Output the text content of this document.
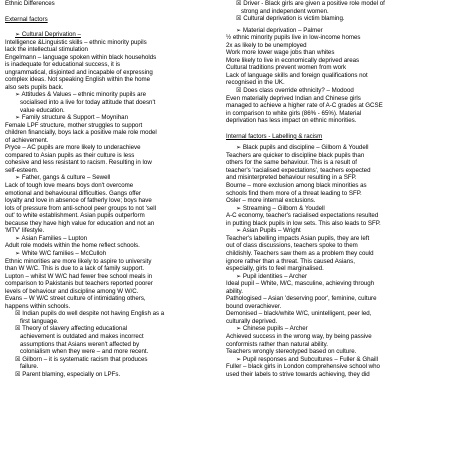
Ethnic Differences
External factors
➢ Cultural Deprivation –
Intelligence &Linguistic skills – ethnic minority pupils
lack the intellectual stimulation
Engelmann – language spoken within black households
is inadequate for educational success, it is
ungrammatical, disjointed and incapable of expressing
complex ideas. Not speaking English within the home
also sets pupils back.
➢ Attitudes & Values – ethnic minority pupils are
socialised into a live for today attitude that doesn't
value education.
➢ Family structure & Support – Moynihan
Female LPF structure, mother struggles to support
children financially, boys lack a positive male role model
of achievement.
Pryce – AC pupils are more likely to underachieve
compared to Asian pupils as their culture is less
cohesive and less resistant to racism. Resulting in low
self-esteem.
➢ Father, gangs & culture – Sewell
Lack of tough love means boys don't overcome
emotional and behavioural difficulties. Gangs offer
loyalty and love in absence of fatherly love; boys have
lots of pressure from anti-school peer groups to not 'sell
out' to white establishment. Asian pupils outperform
because they have high value for education and not an
'MTV' lifestyle.
➢ Asian Families – Lupton
Adult role models within the home reflect schools.
➢ White W/C families – McCulloh
Ethnic minorities are more likely to aspire to university
than W W/C. This is due to a lack of family support.
Lupton – whilst W W/C had fewer free school meals in
comparison to Pakistanis but teachers reported poorer
levels of behaviour and discipline among W W/C.
Evans – W W/C street culture of intimidating others,
happens within schools.
☒ Indian pupils do well despite not having English as a
first language.
☒ Theory of slavery affecting educational
achievement is outdated and makes incorrect
assumptions that Asians weren't affected by
colonialism when they were – and more recent.
☒ Gilborn – it is systematic racism that produces
failure.
☒ Parent blaming, especially on LPFs.
☒ Driver - Black girls are given a positive role model of
strong and independent women.
☒ Cultural deprivation is victim blaming.
➢ Material deprivation – Palmer
½ ethnic minority pupils live in low-income homes
2x as likely to be unemployed
Work more lower wage jobs than whites
More likely to live in economically deprived areas
Cultural traditions prevent women from work
Lack of language skills and foreign qualifications not
recognised in the UK.
☒ Does class override ethnicity? – Modood
Even materially deprived Indian and Chinese girls
managed to achieve a higher rate of A-C grades at GCSE
in comparison to white girls (86% - 65%). Material
deprivation has less impact on ethnic minorities.
Internal factors - Labelling & racism
➢ Black pupils and discipline – Gilborn & Youdell
Teachers are quicker to discipline black pupils than
others for the same behaviour. This is a result of
teacher's 'racialised expectations', teachers expected
and misinterpreted behaviour resulting in a SFP.
Bourne – more exclusion among black minorities as
schools find them more of a threat leading to SFP.
Osler – more internal exclusions.
➢ Streaming – Gilborn & Youdell
A-C economy, teacher's racialised expectations resulted
in putting black pupils in low sets. This also leads to SFP.
➢ Asian Pupils – Wright
Teacher's labelling impacts Asian pupils, they are left
out of class discussions, teachers spoke to them
childishly. Teachers saw them as a problem they could
ignore rather than a threat. This caused Asians,
especially, girls to feel marginalised.
➢ Pupil identities – Archer
Ideal pupil – White, M/C, masculine, achieving through
ability.
Pathologised – Asian 'deserving poor', feminine, culture
bound overachiever.
Demonised – black/white W/C, unintelligent, peer led,
culturally deprived.
➢ Chinese pupils – Archer
Achieved success in the wrong way, by being passive
conformists rather than natural ability.
Teachers wrongly stereotyped based on culture.
➢ Pupil responses and Subcultures – Fuller & Ghaill
Fuller – black girls in London comprehensive school who
used their labels to strive towards achieving, they did
